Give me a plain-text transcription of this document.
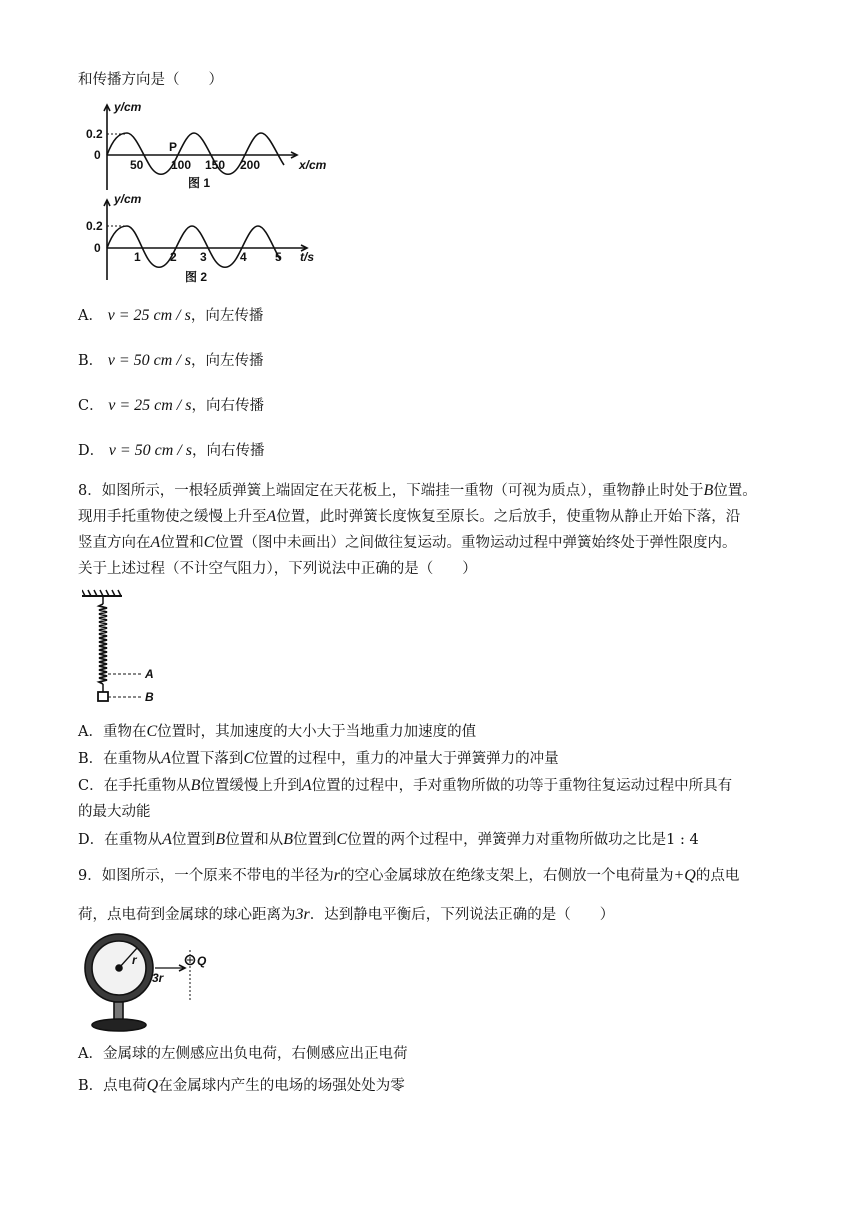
和传播方向是（　　）
y/cm
0.2
0
50 100 150 200
P
x/cm
图 1
y/cm
0.2
0
1 2 3	4 5 t/s
图 2
A． v = 25 cm / s，向左传播
B． v = 50 cm / s，向左传播
C． v = 25 cm / s，向右传播
D． v = 50 cm / s，向右传播
8．如图所示，一根轻质弹簧上端固定在天花板上，下端挂一重物（可视为质点），重物静止时处于B位置。
现用手托重物使之缓慢上升至A位置，此时弹簧长度恢复至原长。之后放手，使重物从静止开始下落，沿
竖直方向在A位置和C位置（图中未画出）之间做往复运动。重物运动过程中弹簧始终处于弹性限度内。
关于上述过程（不计空气阻力），下列说法中正确的是（　　）
A
B
A．重物在C位置时，其加速度的大小大于当地重力加速度的值
B．在重物从A位置下落到C位置的过程中，重力的冲量大于弹簧弹力的冲量
C．在手托重物从B位置缓慢上升到A位置的过程中，手对重物所做的功等于重物往复运动过程中所具有
的最大动能
D．在重物从A位置到B位置和从B位置到C位置的两个过程中，弹簧弹力对重物所做功之比是1 : 4
9．如图所示，一个原来不带电的半径为r的空心金属球放在绝缘支架上，右侧放一个电荷量为+Q的点电
荷，点电荷到金属球的球心距离为3r．达到静电平衡后，下列说法正确的是（　　）
r
3r
Q
A．金属球的左侧感应出负电荷，右侧感应出正电荷
B．点电荷Q在金属球内产生的电场的场强处处为零
